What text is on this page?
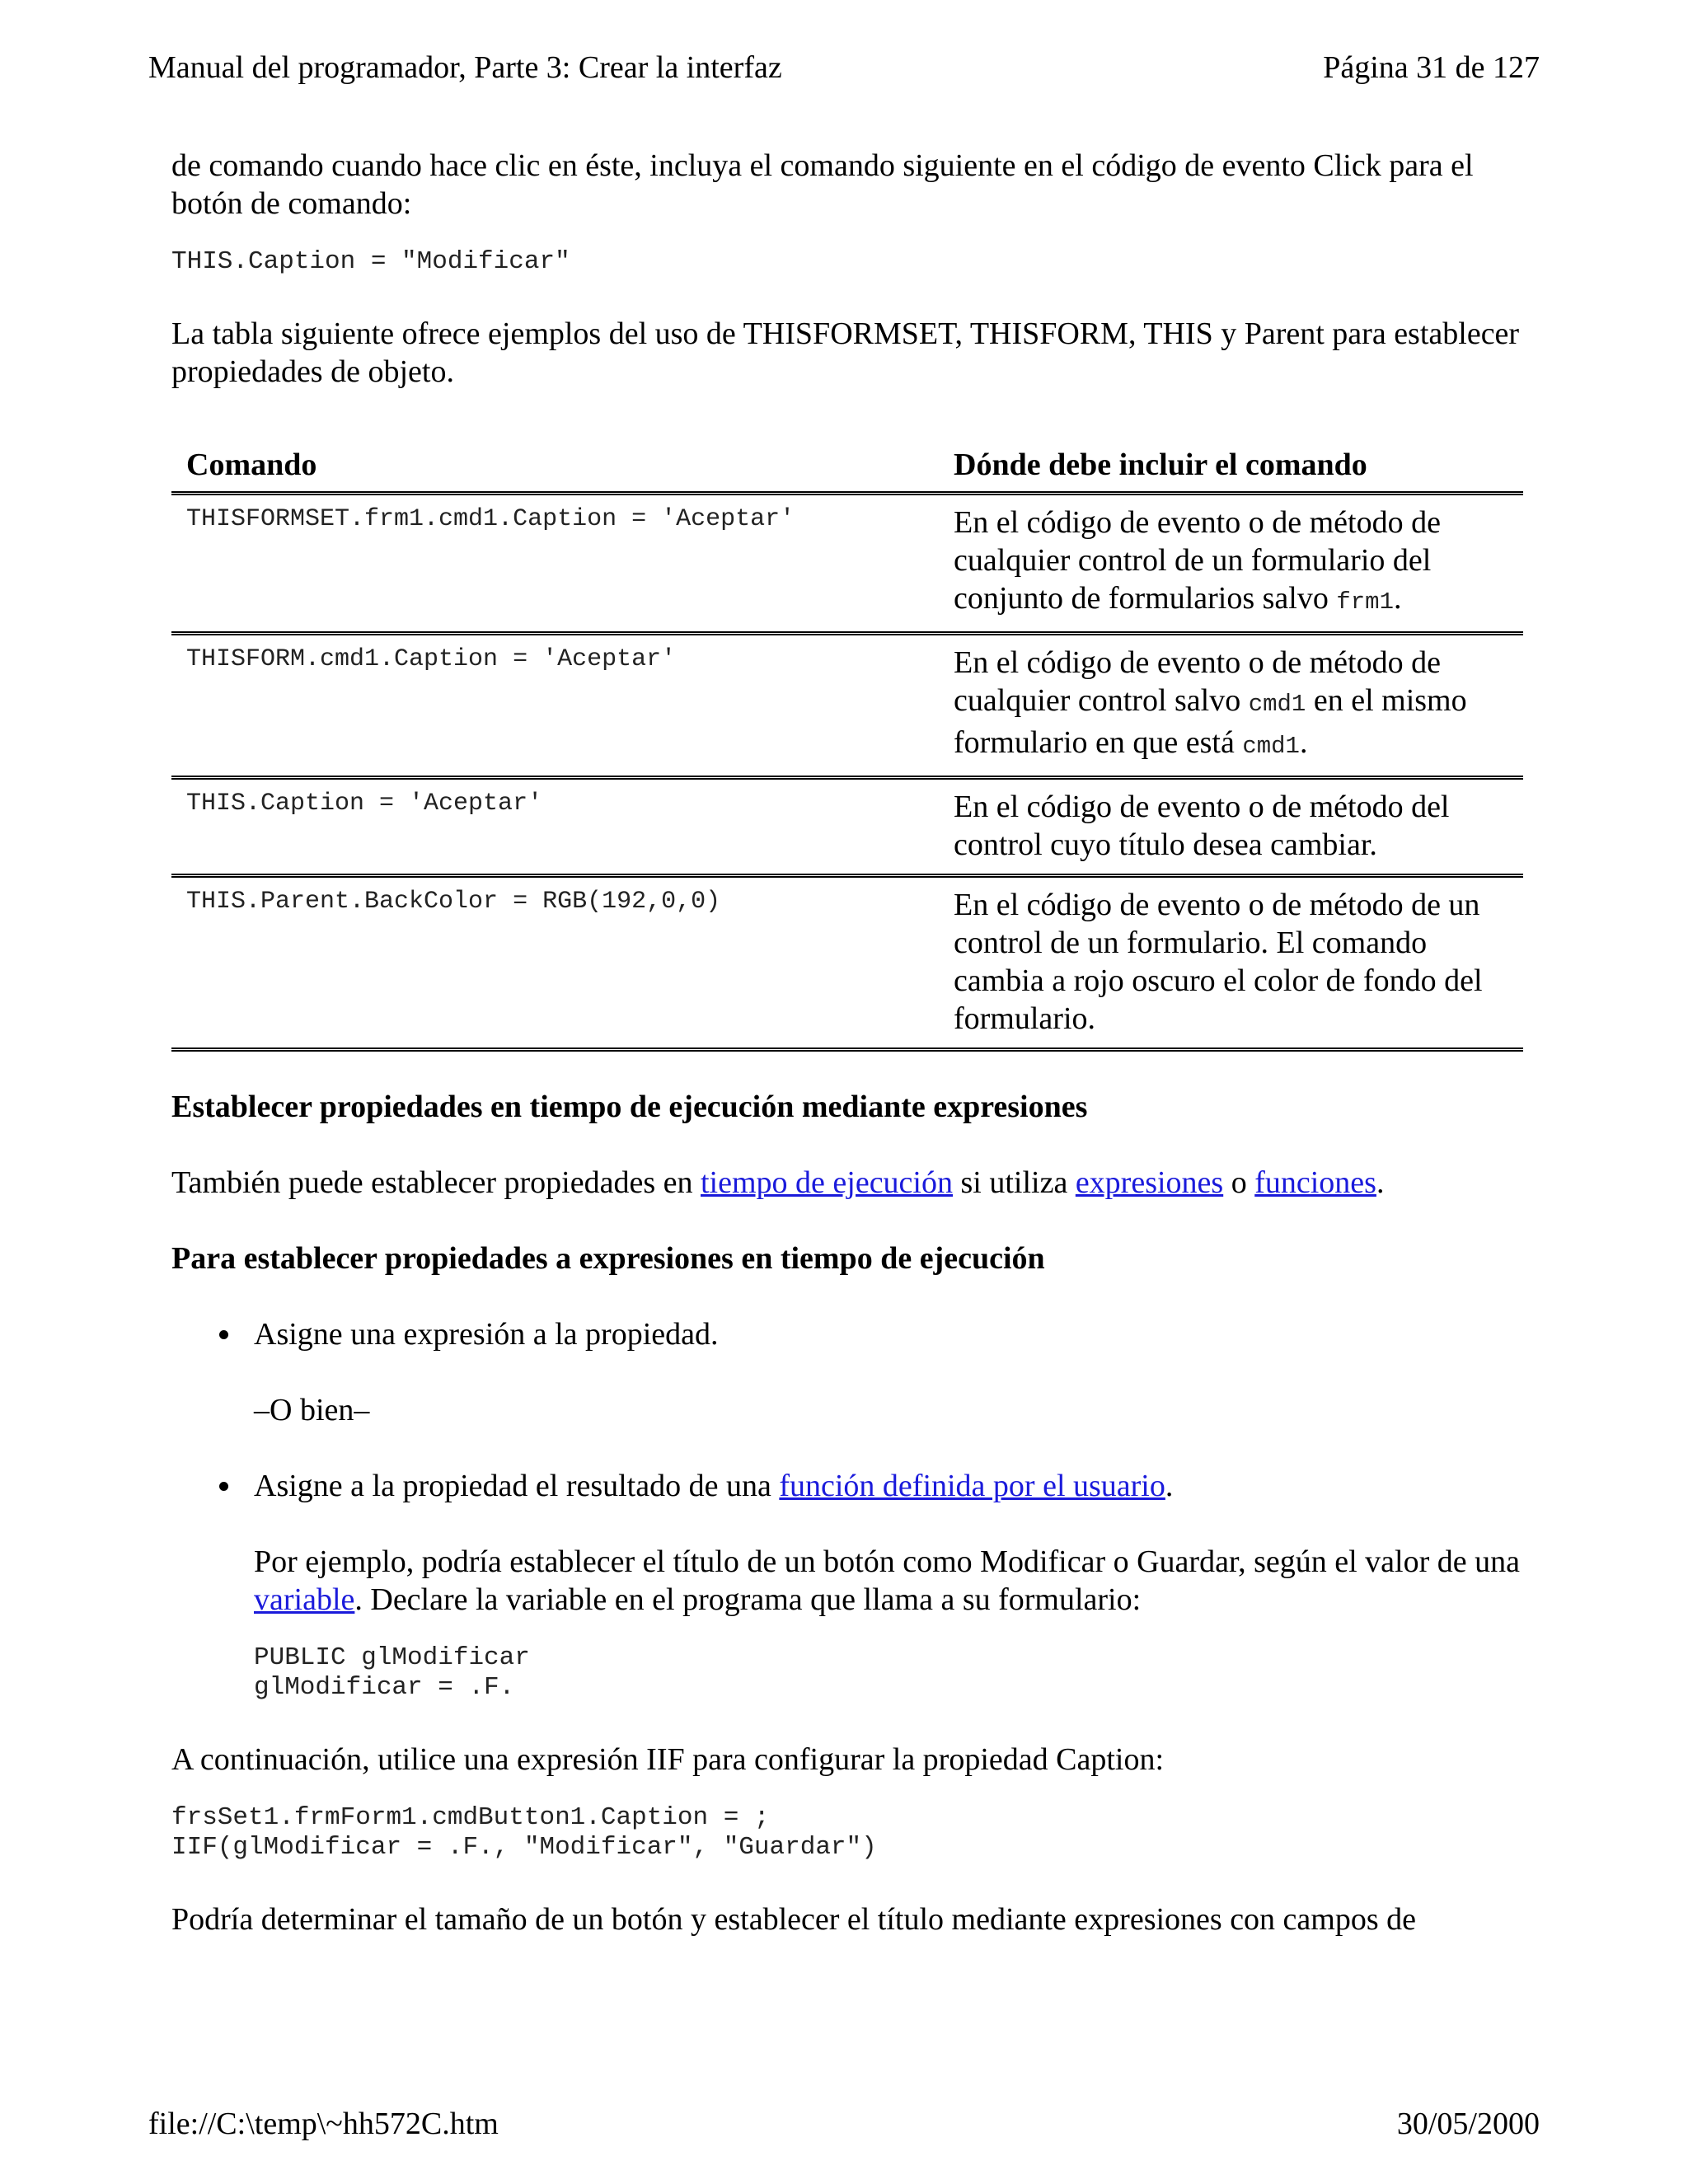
Manual del programador, Parte 3: Crear la interfaz	Página 31 de 127

de comando cuando hace clic en éste, incluya el comando siguiente en el código de evento Click para el botón de comando:

THIS.Caption = "Modificar"

La tabla siguiente ofrece ejemplos del uso de THISFORMSET, THISFORM, THIS y Parent para establecer propiedades de objeto.

Comando	Dónde debe incluir el comando
THISFORMSET.frm1.cmd1.Caption = 'Aceptar'	En el código de evento o de método de cualquier control de un formulario del conjunto de formularios salvo frm1.
THISFORM.cmd1.Caption = 'Aceptar'	En el código de evento o de método de cualquier control salvo cmd1 en el mismo formulario en que está cmd1.
THIS.Caption = 'Aceptar'	En el código de evento o de método del control cuyo título desea cambiar.
THIS.Parent.BackColor = RGB(192,0,0)	En el código de evento o de método de un control de un formulario. El comando cambia a rojo oscuro el color de fondo del formulario.
Establecer propiedades en tiempo de ejecución mediante expresiones

También puede establecer propiedades en tiempo de ejecución si utiliza expresiones o funciones.

Para establecer propiedades a expresiones en tiempo de ejecución
Asigne una expresión a la propiedad.

–O bien–

Asigne a la propiedad el resultado de una función definida por el usuario.

Por ejemplo, podría establecer el título de un botón como Modificar o Guardar, según el valor de una variable. Declare la variable en el programa que llama a su formulario:

PUBLIC glModificar
glModificar = .F.

A continuación, utilice una expresión IIF para configurar la propiedad Caption:

frsSet1.frmForm1.cmdButton1.Caption = ;
IIF(glModificar = .F., "Modificar", "Guardar")

Podría determinar el tamaño de un botón y establecer el título mediante expresiones con campos de

file://C:\temp\~hh572C.htm	30/05/2000
